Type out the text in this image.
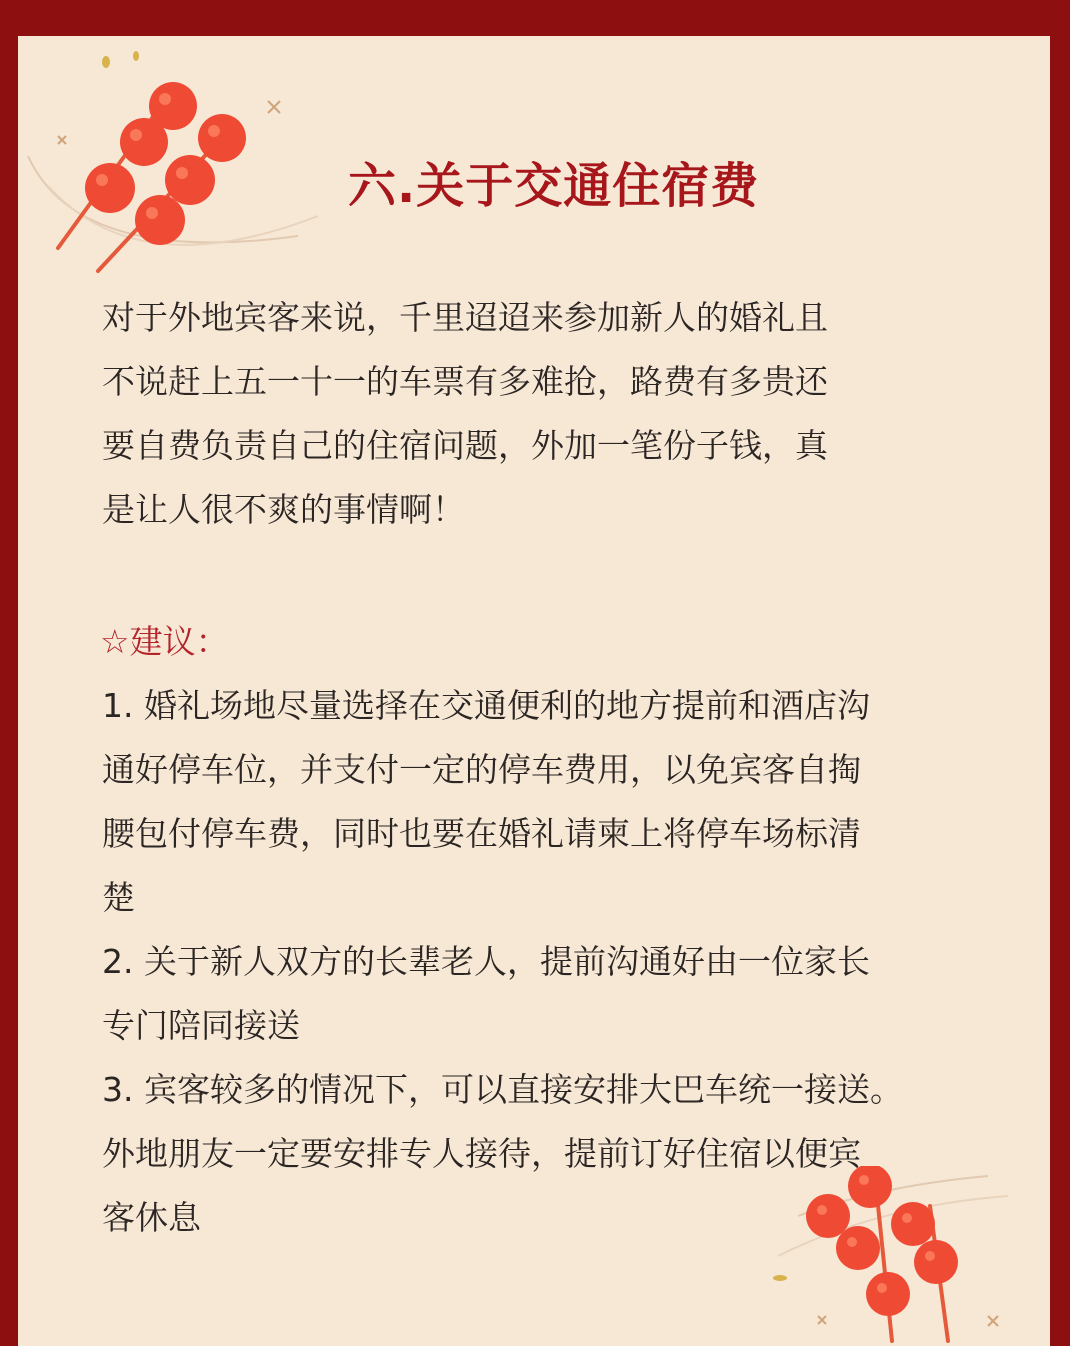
六.关于交通住宿费
对于外地宾客来说，千里迢迢来参加新人的婚礼且
不说赶上五一十一的车票有多难抢，路费有多贵还
要自费负责自己的住宿问题，外加一笔份子钱，真
是让人很不爽的事情啊！
☆建议：
1. 婚礼场地尽量选择在交通便利的地方提前和酒店沟
通好停车位，并支付一定的停车费用，以免宾客自掏
腰包付停车费，同时也要在婚礼请柬上将停车场标清
楚
2. 关于新人双方的长辈老人，提前沟通好由一位家长
专门陪同接送
3. 宾客较多的情况下，可以直接安排大巴车统一接送。
外地朋友一定要安排专人接待，提前订好住宿以便宾
客休息
